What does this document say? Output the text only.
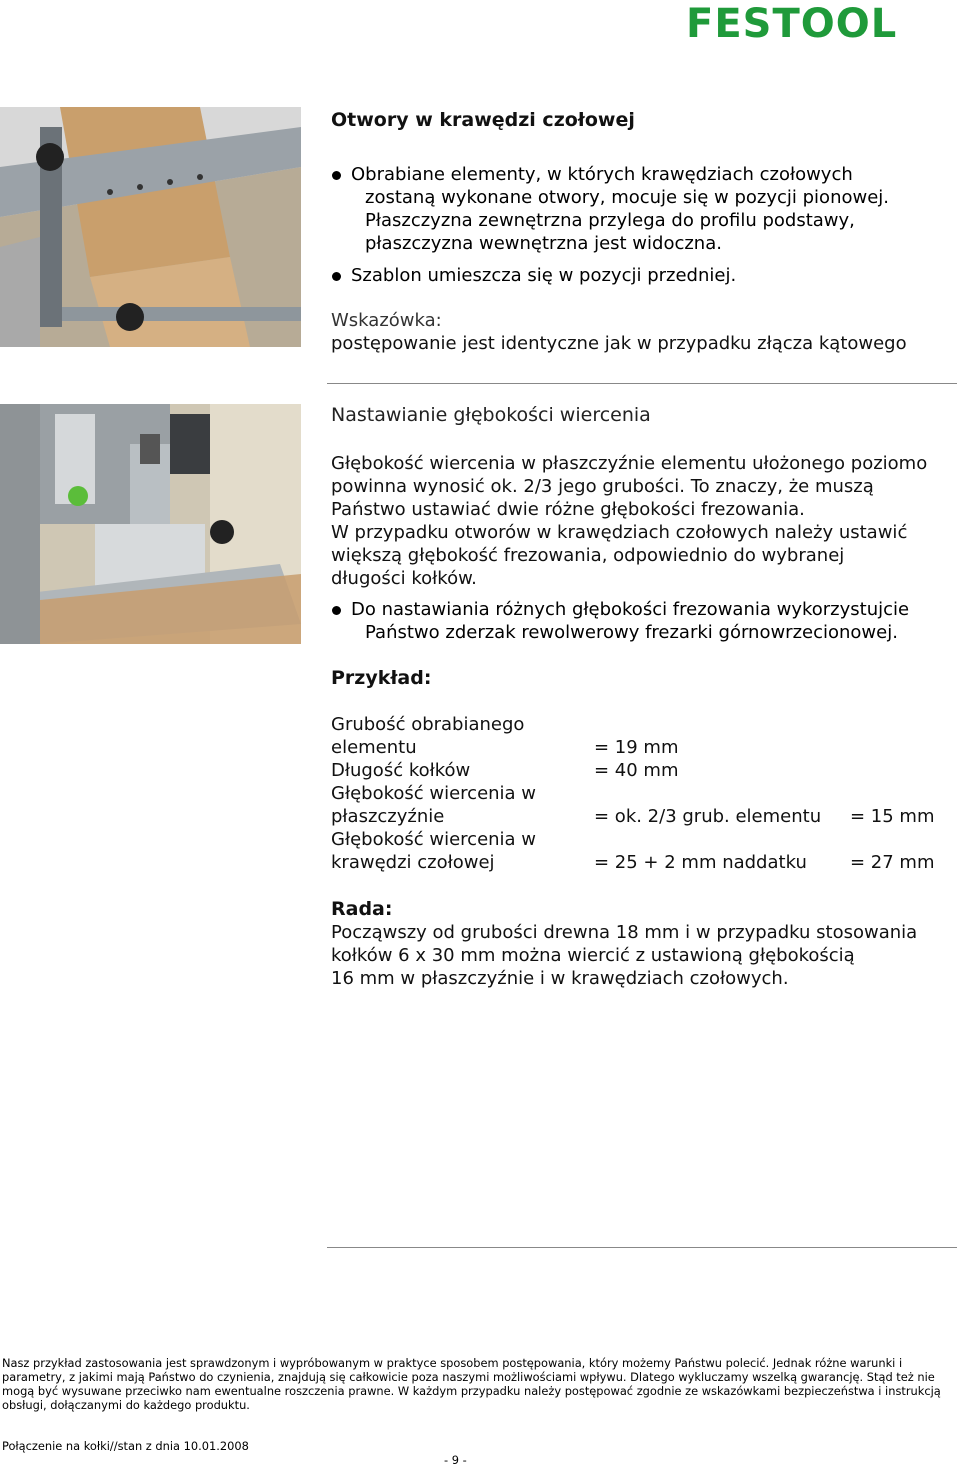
FESTOOL
Otwory w krawędzi czołowej
Obrabiane elementy, w których krawędziach czołowych
zostaną wykonane otwory, mocuje się w pozycji pionowej.
Płaszczyzna zewnętrzna przylega do profilu podstawy,
płaszczyzna wewnętrzna jest widoczna.
Szablon umieszcza się w pozycji przedniej.
Wskazówka:
postępowanie jest identyczne jak w przypadku złącza kątowego
Nastawianie głębokości wiercenia
Głębokość wiercenia w płaszczyźnie elementu ułożonego poziomo
powinna wynosić ok. 2/3 jego grubości. To znaczy, że muszą
Państwo ustawiać dwie różne głębokości frezowania.
W przypadku otworów w krawędziach czołowych należy ustawić
większą głębokość frezowania, odpowiednio do wybranej
długości kołków.
Do nastawiania różnych głębokości frezowania wykorzystujcie
Państwo zderzak rewolwerowy frezarki górnowrzecionowej.
Przykład:
Grubość obrabianego
elementu	= 19 mm
Długość kołków	= 40 mm
Głębokość wiercenia w
płaszczyźnie	= ok. 2/3 grub. elementu = 15 mm
Głębokość wiercenia w
krawędzi czołowej	= 25 + 2 mm naddatku = 27 mm
Rada:
Począwszy od grubości drewna 18 mm i w przypadku stosowania
kołków 6 x 30 mm można wiercić z ustawioną głębokością
16 mm w płaszczyźnie i w krawędziach czołowych.
Nasz przykład zastosowania jest sprawdzonym i wypróbowanym w praktyce sposobem postępowania, który możemy Państwu polecić. Jednak różne warunki i
parametry, z jakimi mają Państwo do czynienia, znajdują się całkowicie poza naszymi możliwościami wpływu. Dlatego wykluczamy wszelką gwarancję. Stąd też nie
mogą być wysuwane przeciwko nam ewentualne roszczenia prawne. W każdym przypadku należy postępować zgodnie ze wskazówkami bezpieczeństwa i instrukcją
obsługi, dołączanymi do każdego produktu.
Połączenie na kołki//stan z dnia 10.01.2008
- 9 -
